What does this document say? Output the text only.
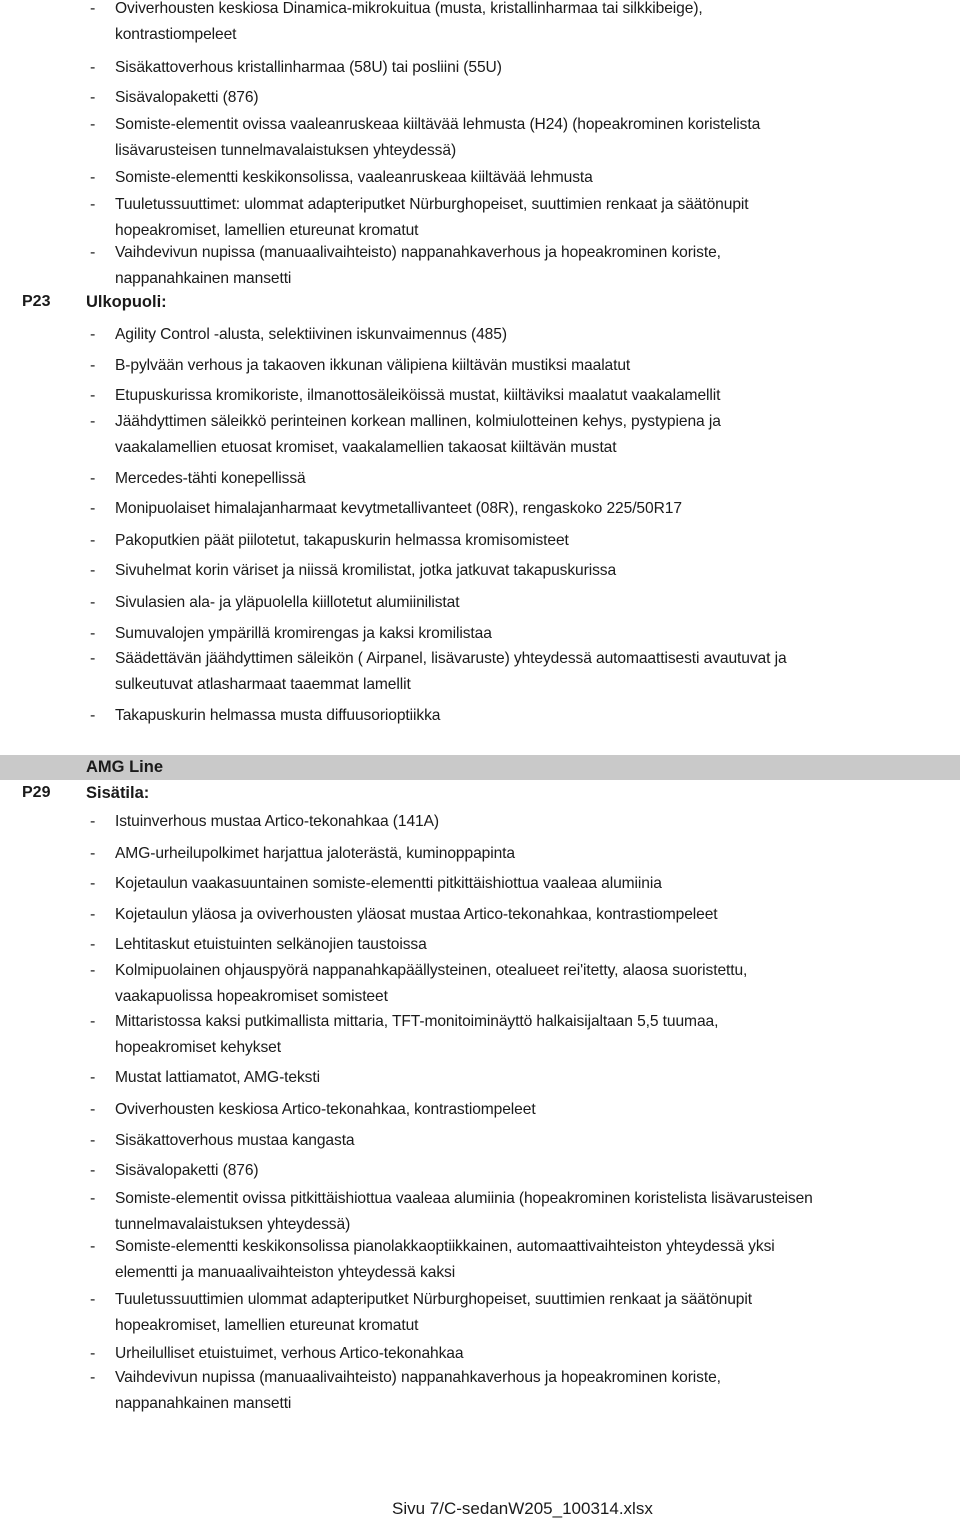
- Oviverhousten keskiosa Dinamica-mikrokuitua (musta, kristallinharmaa tai silkkibeige),
kontrastiompeleet
- Sisäkattoverhous kristallinharmaa (58U) tai posliini (55U)
- Sisävalopaketti (876)
- Somiste-elementit ovissa vaaleanruskeaa kiiltävää lehmusta (H24) (hopeakrominen koristelista
lisävarusteisen tunnelmavalaistuksen yhteydessä)
- Somiste-elementti keskikonsolissa, vaaleanruskeaa kiiltävää lehmusta
- Tuuletussuuttimet: ulommat adapteriputket Nürburghopeiset, suuttimien renkaat ja säätönupit
hopeakromiset, lamellien etureunat kromatut
- Vaihdevivun nupissa (manuaalivaihteisto) nappanahkaverhous ja hopeakrominen koriste,
nappanahkainen mansetti
P23 Ulkopuoli:
- Agility Control -alusta, selektiivinen iskunvaimennus (485)
- B-pylvään verhous ja takaoven ikkunan välipiena kiiltävän mustiksi maalatut
- Etupuskurissa kromikoriste, ilmanottosäleiköissä mustat, kiiltäviksi maalatut vaakalamellit
- Jäähdyttimen säleikkö perinteinen korkean mallinen, kolmiulotteinen kehys, pystypiena ja
vaakalamellien etuosat kromiset, vaakalamellien takaosat kiiltävän mustat
- Mercedes-tähti konepellissä
- Monipuolaiset himalajanharmaat kevytmetallivanteet (08R), rengaskoko 225/50R17
- Pakoputkien päät piilotetut, takapuskurin helmassa kromisomisteet
- Sivuhelmat korin väriset ja niissä kromilistat, jotka jatkuvat takapuskurissa
- Sivulasien ala- ja yläpuolella kiillotetut alumiinilistat
- Sumuvalojen ympärillä kromirengas ja kaksi kromilistaa
- Säädettävän jäähdyttimen säleikön ( Airpanel, lisävaruste) yhteydessä automaattisesti avautuvat ja
sulkeutuvat atlasharmaat taaemmat lamellit
- Takapuskurin helmassa musta diffuusorioptiikka
AMG Line
P29 Sisätila:
- Istuinverhous mustaa Artico-tekonahkaa (141A)
- AMG-urheilupolkimet harjattua jaloterästä, kuminoppapinta
- Kojetaulun vaakasuuntainen somiste-elementti pitkittäishiottua vaaleaa alumiinia
- Kojetaulun yläosa ja oviverhousten yläosat mustaa Artico-tekonahkaa, kontrastiompeleet
- Lehtitaskut etuistuinten selkänojien taustoissa
- Kolmipuolainen ohjauspyörä nappanahkapäällysteinen, otealueet rei'itetty, alaosa suoristettu,
vaakapuolissa hopeakromiset somisteet
- Mittaristossa kaksi putkimallista mittaria, TFT-monitoiminäyttö halkaisijaltaan 5,5 tuumaa,
hopeakromiset kehykset
- Mustat lattiamatot, AMG-teksti
- Oviverhousten keskiosa Artico-tekonahkaa, kontrastiompeleet
- Sisäkattoverhous mustaa kangasta
- Sisävalopaketti (876)
- Somiste-elementit ovissa pitkittäishiottua vaaleaa alumiinia (hopeakrominen koristelista lisävarusteisen
tunnelmavalaistuksen yhteydessä)
- Somiste-elementti keskikonsolissa pianolakkaoptiikkainen, automaattivaihteiston yhteydessä yksi
elementti ja manuaalivaihteiston yhteydessä kaksi
- Tuuletussuuttimien ulommat adapteriputket Nürburghopeiset, suuttimien renkaat ja säätönupit
hopeakromiset, lamellien etureunat kromatut
- Urheilulliset etuistuimet, verhous Artico-tekonahkaa
- Vaihdevivun nupissa (manuaalivaihteisto) nappanahkaverhous ja hopeakrominen koriste,
nappanahkainen mansetti
Sivu 7/C-sedanW205_100314.xlsx
